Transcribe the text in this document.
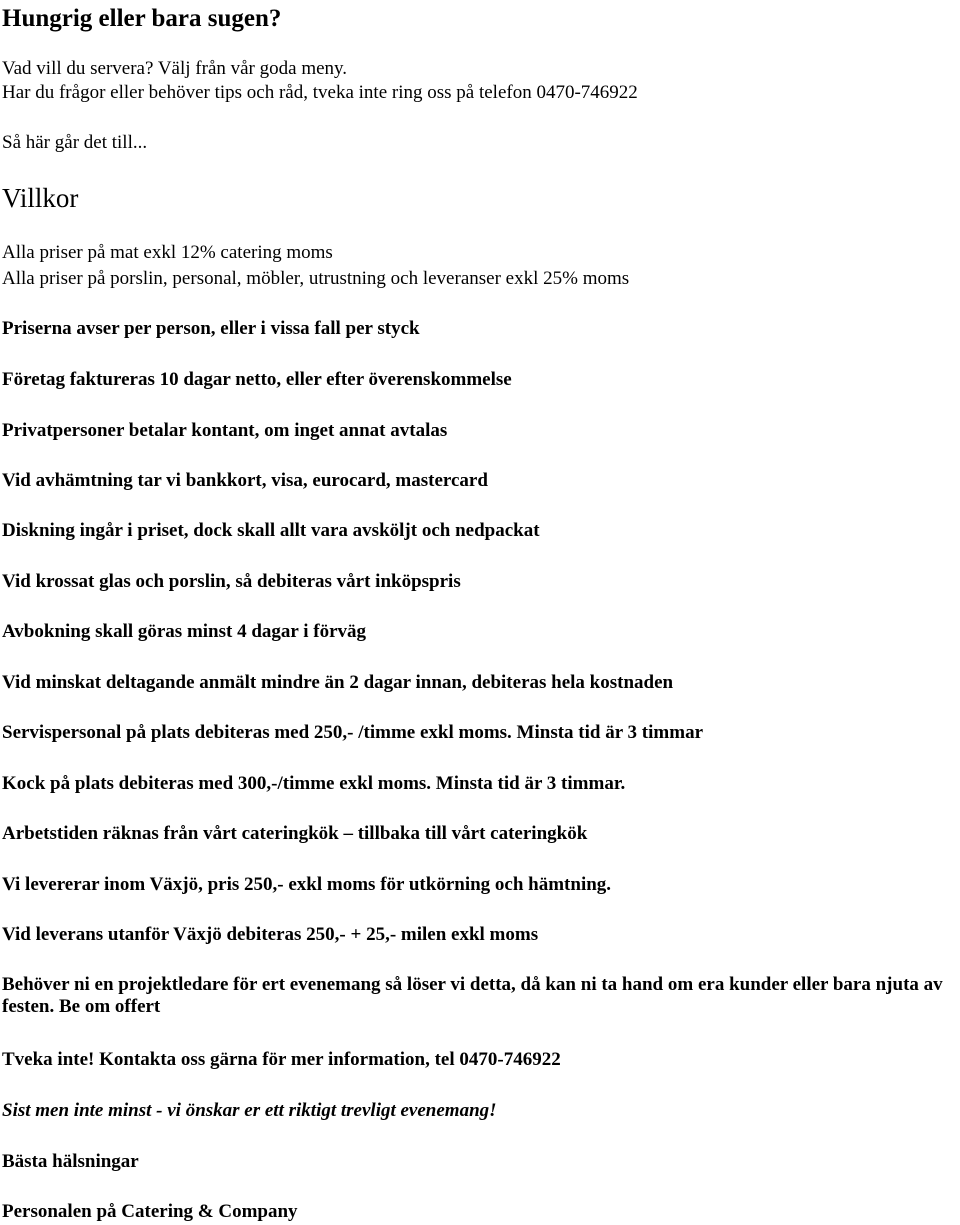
Hungrig eller bara sugen?

Vad vill du servera? Välj från vår goda meny.

Har du frågor eller behöver tips och råd, tveka inte ring oss på telefon 0470-746922

Så här går det till...

Villkor

Alla priser på mat exkl 12% catering moms

Alla priser på porslin, personal, möbler, utrustning och leveranser exkl 25% moms

Priserna avser per person, eller i vissa fall per styck

Företag faktureras 10 dagar netto, eller efter överenskommelse

Privatpersoner betalar kontant, om inget annat avtalas

Vid avhämtning tar vi bankkort, visa, eurocard, mastercard

Diskning ingår i priset, dock skall allt vara avsköljt och nedpackat

Vid krossat glas och porslin, så debiteras vårt inköpspris

Avbokning skall göras minst 4 dagar i förväg

Vid minskat deltagande anmält mindre än 2 dagar innan, debiteras hela kostnaden

Servispersonal på plats debiteras med 250,- /timme exkl moms. Minsta tid är 3 timmar

Kock på plats debiteras med 300,-/timme exkl moms. Minsta tid är 3 timmar.

Arbetstiden räknas från vårt cateringkök – tillbaka till vårt cateringkök

Vi levererar inom Växjö, pris 250,- exkl moms för utkörning och hämtning.

Vid leverans utanför Växjö debiteras 250,- + 25,- milen exkl moms

Behöver ni en projektledare för ert evenemang så löser vi detta, då kan ni ta hand om era kunder eller bara njuta av festen. Be om offert

Tveka inte! Kontakta oss gärna för mer information, tel 0470-746922

Sist men inte minst - vi önskar er ett riktigt trevligt evenemang!

Bästa hälsningar

Personalen på Catering & Company
